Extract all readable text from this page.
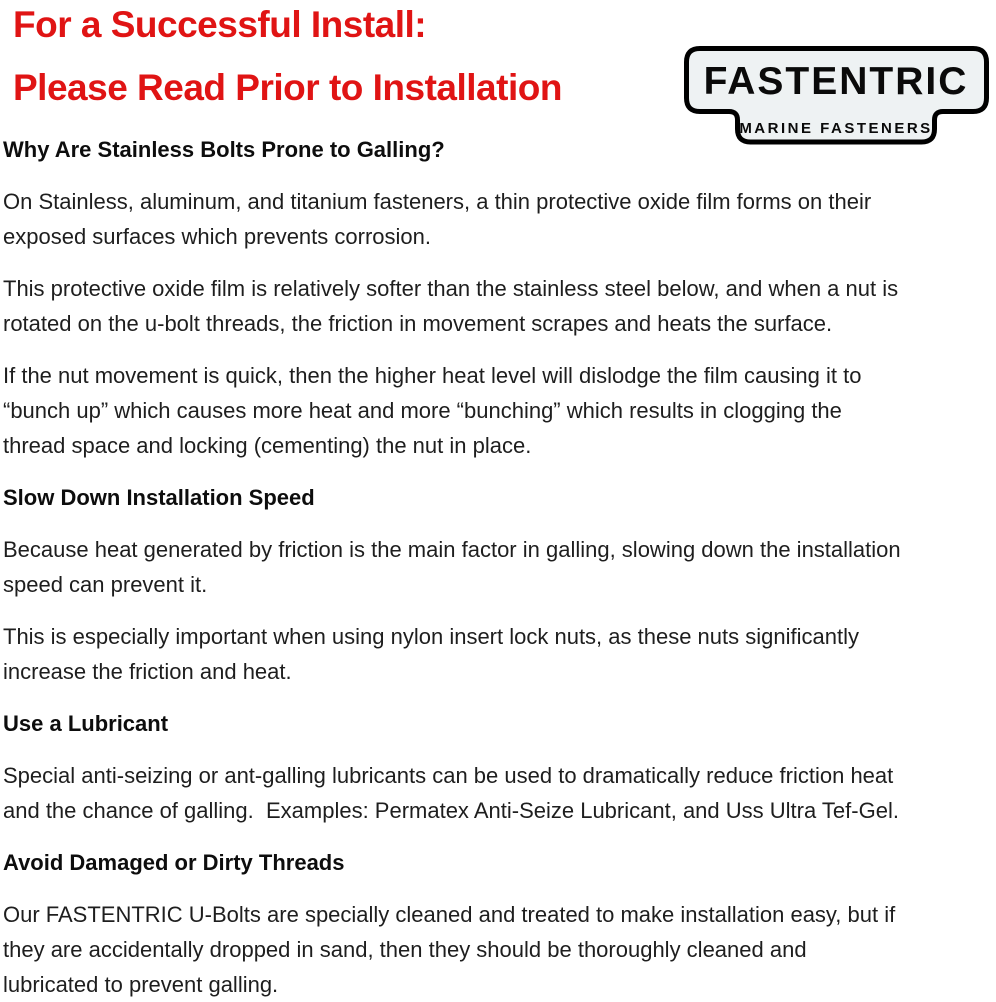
For a Successful Install:
Please Read Prior to Installation	FASTENTRIC
MARINE FASTENERS
Why Are Stainless Bolts Prone to Galling?
On Stainless, aluminum, and titanium fasteners, a thin protective oxide film forms on their
exposed surfaces which prevents corrosion.
This protective oxide film is relatively softer than the stainless steel below, and when a nut is
rotated on the u-bolt threads, the friction in movement scrapes and heats the surface.
If the nut movement is quick, then the higher heat level will dislodge the film causing it to
“bunch up” which causes more heat and more “bunching” which results in clogging the
thread space and locking (cementing) the nut in place.
Slow Down Installation Speed
Because heat generated by friction is the main factor in galling, slowing down the installation
speed can prevent it.
This is especially important when using nylon insert lock nuts, as these nuts significantly
increase the friction and heat.
Use a Lubricant
Special anti-seizing or ant-galling lubricants can be used to dramatically reduce friction heat
and the chance of galling.  Examples: Permatex Anti-Seize Lubricant, and Uss Ultra Tef-Gel.
Avoid Damaged or Dirty Threads
Our FASTENTRIC U-Bolts are specially cleaned and treated to make installation easy, but if
they are accidentally dropped in sand, then they should be thoroughly cleaned and
lubricated to prevent galling.
